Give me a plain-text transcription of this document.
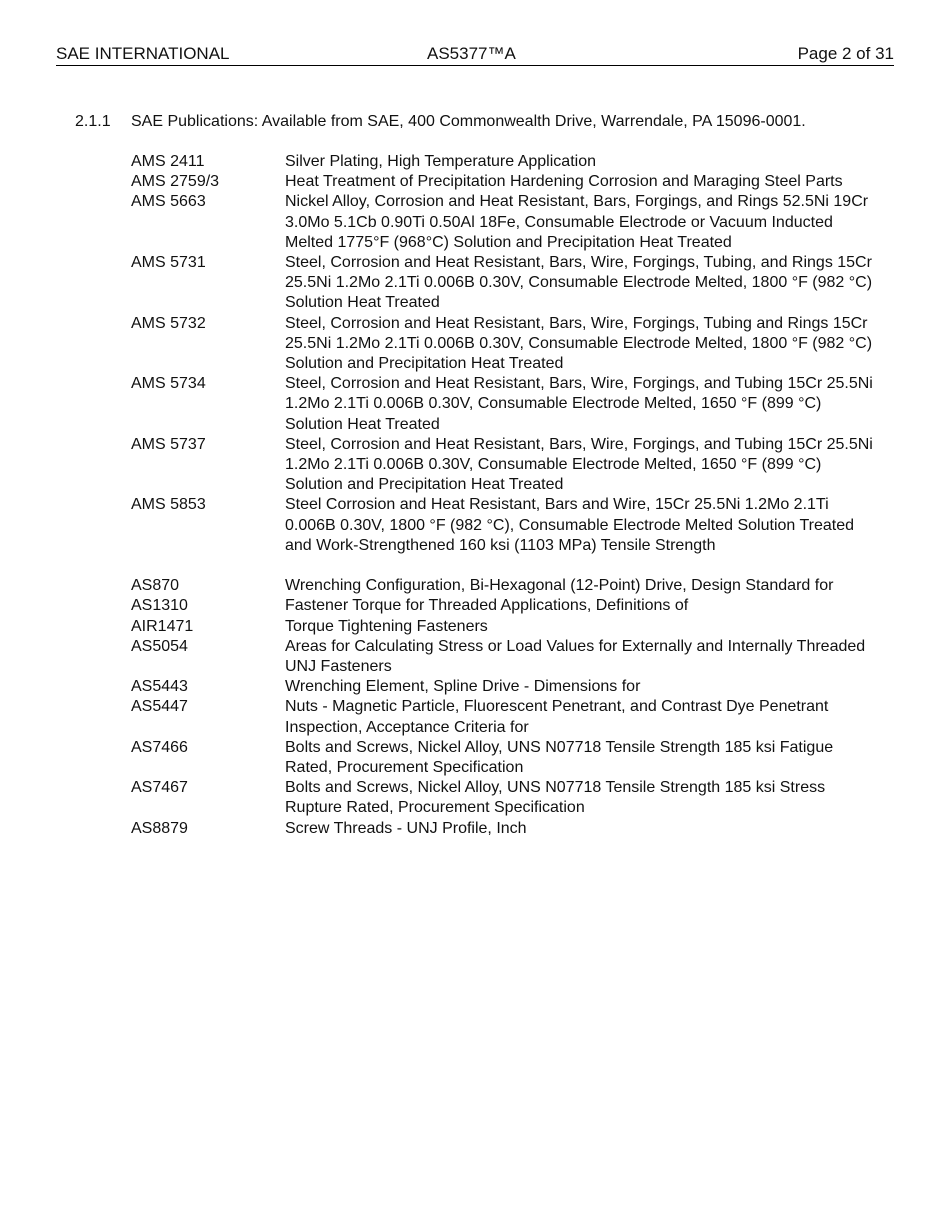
SAE INTERNATIONAL	AS5377™A	Page 2 of 31
2.1.1 SAE Publications: Available from SAE, 400 Commonwealth Drive, Warrendale, PA 15096-0001.
AMS 2411	Silver Plating, High Temperature Application
AMS 2759/3	Heat Treatment of Precipitation Hardening Corrosion and Maraging Steel Parts
AMS 5663	Nickel Alloy, Corrosion and Heat Resistant, Bars, Forgings, and Rings 52.5Ni 19Cr 3.0Mo 5.1Cb 0.90Ti 0.50Al 18Fe, Consumable Electrode or Vacuum Inducted Melted 1775°F (968°C) Solution and Precipitation Heat Treated
AMS 5731	Steel, Corrosion and Heat Resistant, Bars, Wire, Forgings, Tubing, and Rings 15Cr 25.5Ni 1.2Mo 2.1Ti 0.006B 0.30V, Consumable Electrode Melted, 1800 °F (982 °C) Solution Heat Treated
AMS 5732	Steel, Corrosion and Heat Resistant, Bars, Wire, Forgings, Tubing and Rings 15Cr 25.5Ni 1.2Mo 2.1Ti 0.006B 0.30V, Consumable Electrode Melted, 1800 °F (982 °C) Solution and Precipitation Heat Treated
AMS 5734	Steel, Corrosion and Heat Resistant, Bars, Wire, Forgings, and Tubing 15Cr 25.5Ni 1.2Mo 2.1Ti 0.006B 0.30V, Consumable Electrode Melted, 1650 °F (899 °C) Solution Heat Treated
AMS 5737	Steel, Corrosion and Heat Resistant, Bars, Wire, Forgings, and Tubing 15Cr 25.5Ni 1.2Mo 2.1Ti 0.006B 0.30V, Consumable Electrode Melted, 1650 °F (899 °C) Solution and Precipitation Heat Treated
AMS 5853	Steel Corrosion and Heat Resistant, Bars and Wire, 15Cr 25.5Ni 1.2Mo 2.1Ti 0.006B 0.30V, 1800 °F (982 °C), Consumable Electrode Melted Solution Treated and Work-Strengthened 160 ksi (1103 MPa) Tensile Strength
AS870	Wrenching Configuration, Bi-Hexagonal (12-Point) Drive, Design Standard for
AS1310	Fastener Torque for Threaded Applications, Definitions of
AIR1471	Torque Tightening Fasteners
AS5054	Areas for Calculating Stress or Load Values for Externally and Internally Threaded UNJ Fasteners
AS5443	Wrenching Element, Spline Drive - Dimensions for
AS5447	Nuts - Magnetic Particle, Fluorescent Penetrant, and Contrast Dye Penetrant Inspection, Acceptance Criteria for
AS7466	Bolts and Screws, Nickel Alloy, UNS N07718 Tensile Strength 185 ksi Fatigue Rated, Procurement Specification
AS7467	Bolts and Screws, Nickel Alloy, UNS N07718 Tensile Strength 185 ksi Stress Rupture Rated, Procurement Specification
AS8879	Screw Threads - UNJ Profile, Inch
